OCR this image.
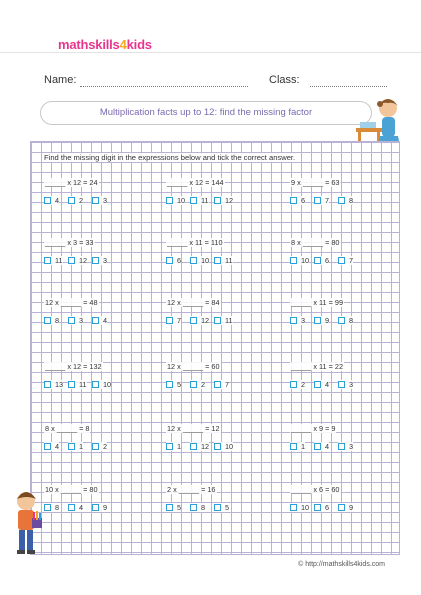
mathskills4kids
Name:	Class:
Multiplication facts up to 12: find the missing factor
Find the missing digit in the expressions below and tick the correct answer.
_____ x 12 = 24
4	2	3
_____ x 12 = 144
10	11	12
9 x _____ = 63
6	7	8
_____ x 3 = 33
11	12	3
_____ x 11 = 110
6	10	11
8 x _____ = 80
10	6	7
12 x _____ = 48
8	3	4
12 x _____ = 84
7	12	11
_____ x 11 = 99
3	9	8
_____ x 12 = 132
13	11	10
12 x _____ = 60
5	2	7
_____ x 11 = 22
2	4	3
8 x _____ = 8
4	1	2
12 x _____ = 12
1	12	10
_____ x 9 = 9
1	4	3
10 x _____ = 80
8	4	9
2 x _____ = 16
5	8	5
_____ x 6 = 60
10	6	9
© http://mathskills4kids.com
